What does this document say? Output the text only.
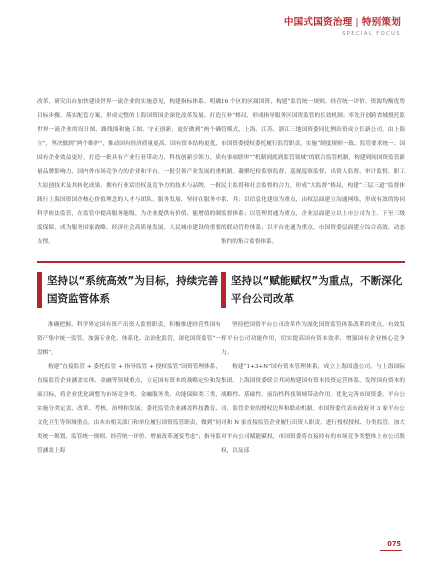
中国式国资治理 | 特别策划
SPECIAL FOCUS

改革，研究出台加快建设世界一流企业的实施意见，构建指标体系、明确目标步骤、落实配套方案，形成完整的上海国资国企深化改革发展、打造世界一流企业的设计图、路线图和施工图。守正创新，更好做到“两个确立”，坚决做到“两个维护”，推动国有经济质量更高、国有资本结构更优、国有企业效益更好，打造一批具有产业行业带动力、科技创新引领力、质量品牌影响力、国内外市场竞争力的企业和平台，一批引领产业发展的重大原创技术及其转化成果、拥有行业话语权及竞争力的技术与品牌，一批践行上海国资国企核心价值理念的人才与团队，服务发展、坚持在服务中科学依法监管，在监管中提高服务能级。为企业提供有价值、能增值的制度保障，成为服务国家战略、经济社会高质量发展、人民城市建设的重要支撑。

坚持以“系统高效”为目标，持续完善国资监管体系

准确把握、科学界定国有资产出资人监督职责，积极推进经营性国有资产集中统一监管，加强专业化、体系化、法治化监管，深化国资监管“一盘棋”。

构建“直接监管 + 委托监管 + 指导监管 + 授权监管”国资管理体系，直接监管企业涵盖实体、金融等领域重点，立足国有资本的战略定位和发展目标，将企业优化调整为市场竞争类、金融服务类、功能保障类三类，实施分类定责、改革、考核、治理和发展；委托监管企业涵盖科技教育、文化卫生等领域重点，由本市相关部门和单位履行国资监管职责，做到“同类统一规划、监管统一规则、经营统一评价、增量改革递变考虑”；指导监管涵盖上海

16 个区的区属国资，构建“监管统一规则、经营统一评价、资源均衡优势互补”格局，形成指导服务区国资监管的长效机制；率先开创跨省域授托监管模式，上海、江苏、浙江三地国资委同比例出资成立长新公司，由上海市国资委授权委托履行监管职责，实施“制度规则一致、监管要求统一、国有事项联审”“机制到底到监管领域”的联合监管机制，构建到间国资监管新机制。凝聚纪检监察监督、巡视巡察监督、出资人监督、审计监督、职工民主监督和社会监督的合力，形成“大监督”格局，构建“三层三道”监督体系，其：以信息化建设为重点，由权层面建立沟通网络，形成有效的协同监督体系；以管理贯通为重点，企业层面建立以上市公司为主、下至三级的联动管控体系；以平台连通为重点，市国资委层面建立综合高效、动态集约的集合监督体系。

坚持以“赋能赋权”为重点，不断深化平台公司改革

坚持把国资平台公司改革作为深化国资监管体系改革的重点，有效发挥平台公司功能作用，切实提高国有资本效率，增强国有企业核心竞争力。

构建“1+3+N”国有资本管理体系，成立上海国盛公司，与上海国际集团、上海国资委联合其同构建国有资本投资运营体系，发挥国有资本的战略性、基础性、前沿性科技领域带动作用。优化完善市国资委、平台公司、监管企业的授权边界和联动机制，市国资委代表市政府对 3 家平台公司和 N 家直接监管企业履行出资人职责，进行授权授权、分类监管，加大对平台公司赋能赋权，市国资委将直接持有的市场竞争类整体上市公司股权，以及部

075
